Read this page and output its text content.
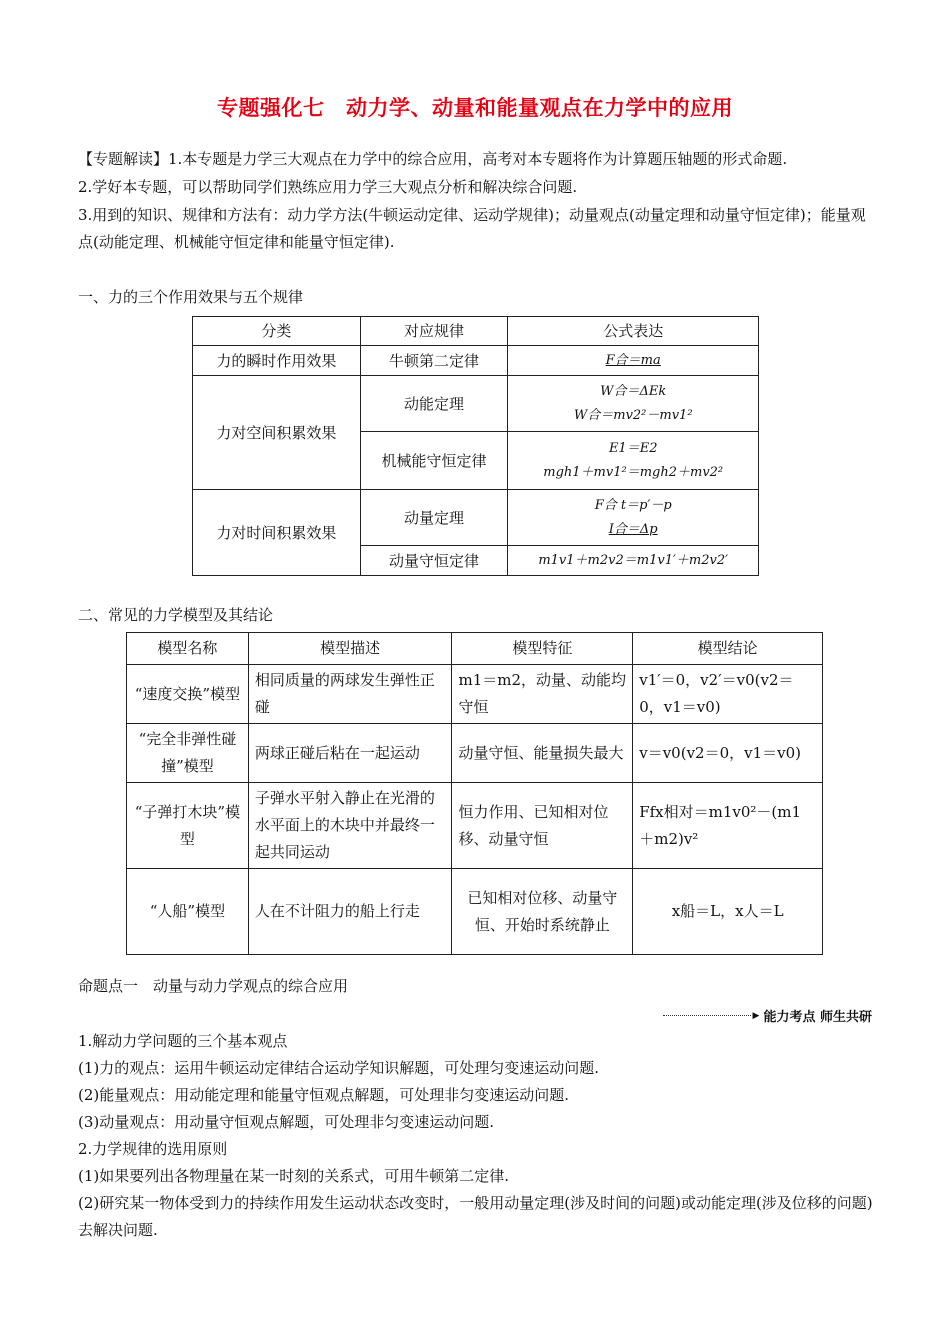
专题强化七　动力学、动量和能量观点在力学中的应用

【专题解读】1.本专题是力学三大观点在力学中的综合应用，高考对本专题将作为计算题压轴题的形式命题.

2.学好本专题，可以帮助同学们熟练应用力学三大观点分析和解决综合问题.

3.用到的知识、规律和方法有：动力学方法(牛顿运动定律、运动学规律)；动量观点(动量定理和动量守恒定律)；能量观点(动能定理、机械能守恒定律和能量守恒定律).

一、力的三个作用效果与五个规律
分类	对应规律	公式表达
力的瞬时作用效果	牛顿第二定律	F合＝ma
力对空间积累效果	动能定理	W合＝ΔEk
W合＝mv2²－mv1²

	机械能守恒定律	E1＝E2
mgh1＋mv1²＝mgh2＋mv2²

力对时间积累效果	动量定理	F合 t＝p′－p
I合＝Δp

	动量守恒定律	m1v1＋m2v2＝m1v1′＋m2v2′
二、常见的力学模型及其结论
模型名称	模型描述	模型特征	模型结论
“速度交换”模型	相同质量的两球发生弹性正碰	m1＝m2，动量、动能均守恒	v1′＝0，v2′＝v0(v2＝0，v1＝v0)
“完全非弹性碰撞”模型	两球正碰后粘在一起运动	动量守恒、能量损失最大	v＝v0(v2＝0，v1＝v0)
“子弹打木块”模型	子弹水平射入静止在光滑的水平面上的木块中并最终一起共同运动	恒力作用、已知相对位移、动量守恒	Ffx相对＝m1v0²－(m1＋m2)v²
“人船”模型	人在不计阻力的船上行走	已知相对位移、动量守恒、开始时系统静止	x船＝L，x人＝L
命题点一　动量与动力学观点的综合应用
▶ 能力考点 师生共研
1.解动力学问题的三个基本观点
(1)力的观点：运用牛顿运动定律结合运动学知识解题，可处理匀变速运动问题.
(2)能量观点：用动能定理和能量守恒观点解题，可处理非匀变速运动问题.
(3)动量观点：用动量守恒观点解题，可处理非匀变速运动问题.
2.力学规律的选用原则
(1)如果要列出各物理量在某一时刻的关系式，可用牛顿第二定律.
(2)研究某一物体受到力的持续作用发生运动状态改变时，一般用动量定理(涉及时间的问题)或动能定理(涉及位移的问题)去解决问题.
